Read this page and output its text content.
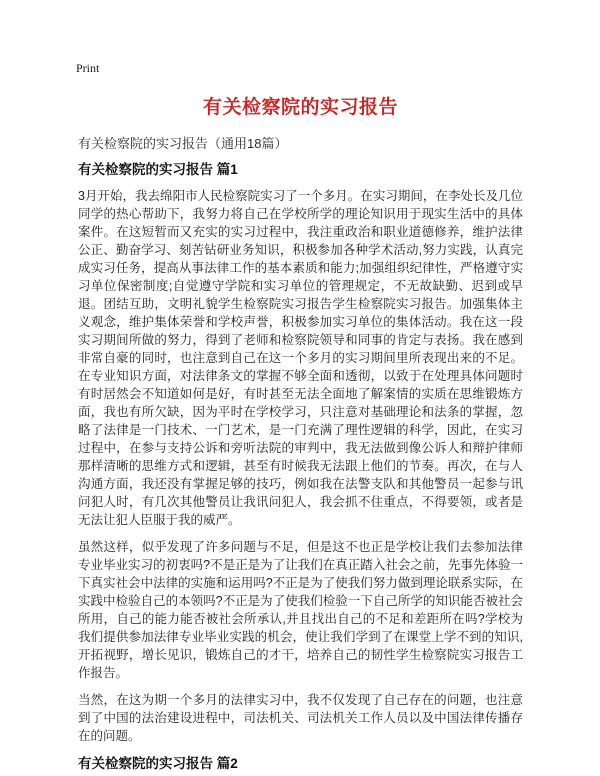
Print
有关检察院的实习报告
有关检察院的实习报告（通用18篇）
有关检察院的实习报告 篇1

3月开始，我去绵阳市人民检察院实习了一个多月。在实习期间，在李处长及几位同学的热心帮助下，我努力将自己在学校所学的理论知识用于现实生活中的具体案件。在这短暂而又充实的实习过程中，我注重政治和职业道德修养，维护法律公正、勤奋学习、刻苦钻研业务知识，积极参加各种学术活动,努力实践，认真完成实习任务，提高从事法律工作的基本素质和能力;加强组织纪律性，严格遵守实习单位保密制度;自觉遵守学院和实习单位的管理规定，不无故缺勤、迟到或早退。团结互助，文明礼貌学生检察院实习报告学生检察院实习报告。加强集体主义观念，维护集体荣誉和学校声誉，积极参加实习单位的集体活动。我在这一段实习期间所做的努力，得到了老师和检察院领导和同事的肯定与表扬。我在感到非常自豪的同时，也注意到自己在这一个多月的实习期间里所表现出来的不足。在专业知识方面，对法律条文的掌握不够全面和透彻，以致于在处理具体问题时有时居然会不知道如何是好，有时甚至无法全面地了解案情的实质在思维锻炼方面，我也有所欠缺，因为平时在学校学习，只注意对基础理论和法条的掌握，忽略了法律是一门技术、一门艺术，是一门充满了理性逻辑的科学，因此，在实习过程中，在参与支持公诉和旁听法院的审判中，我无法做到像公诉人和辩护律师那样清晰的思维方式和逻辑，甚至有时候我无法跟上他们的节奏。再次，在与人沟通方面，我还没有掌握足够的技巧，例如我在法警支队和其他警员一起参与讯问犯人时，有几次其他警员让我讯问犯人，我会抓不住重点，不得要领，或者是无法让犯人臣服于我的威严。

虽然这样，似乎发现了许多问题与不足，但是这不也正是学校让我们去参加法律专业毕业实习的初衷吗?不是正是为了让我们在真正踏入社会之前，先事先体验一下真实社会中法律的实施和运用吗?不正是为了使我们努力做到理论联系实际，在实践中检验自己的本领吗?不正是为了使我们检验一下自己所学的知识能否被社会所用，自己的能力能否被社会所承认,并且找出自己的不足和差距所在吗?学校为我们提供参加法律专业毕业实践的机会，使让我们学到了在课堂上学不到的知识,开拓视野，增长见识，锻炼自己的才干，培养自己的韧性学生检察院实习报告工作报告。

当然，在这为期一个多月的法律实习中，我不仅发现了自己存在的问题，也注意到了中国的法治建设进程中，司法机关、司法机关工作人员以及中国法律传播存在的问题。

有关检察院的实习报告 篇2
